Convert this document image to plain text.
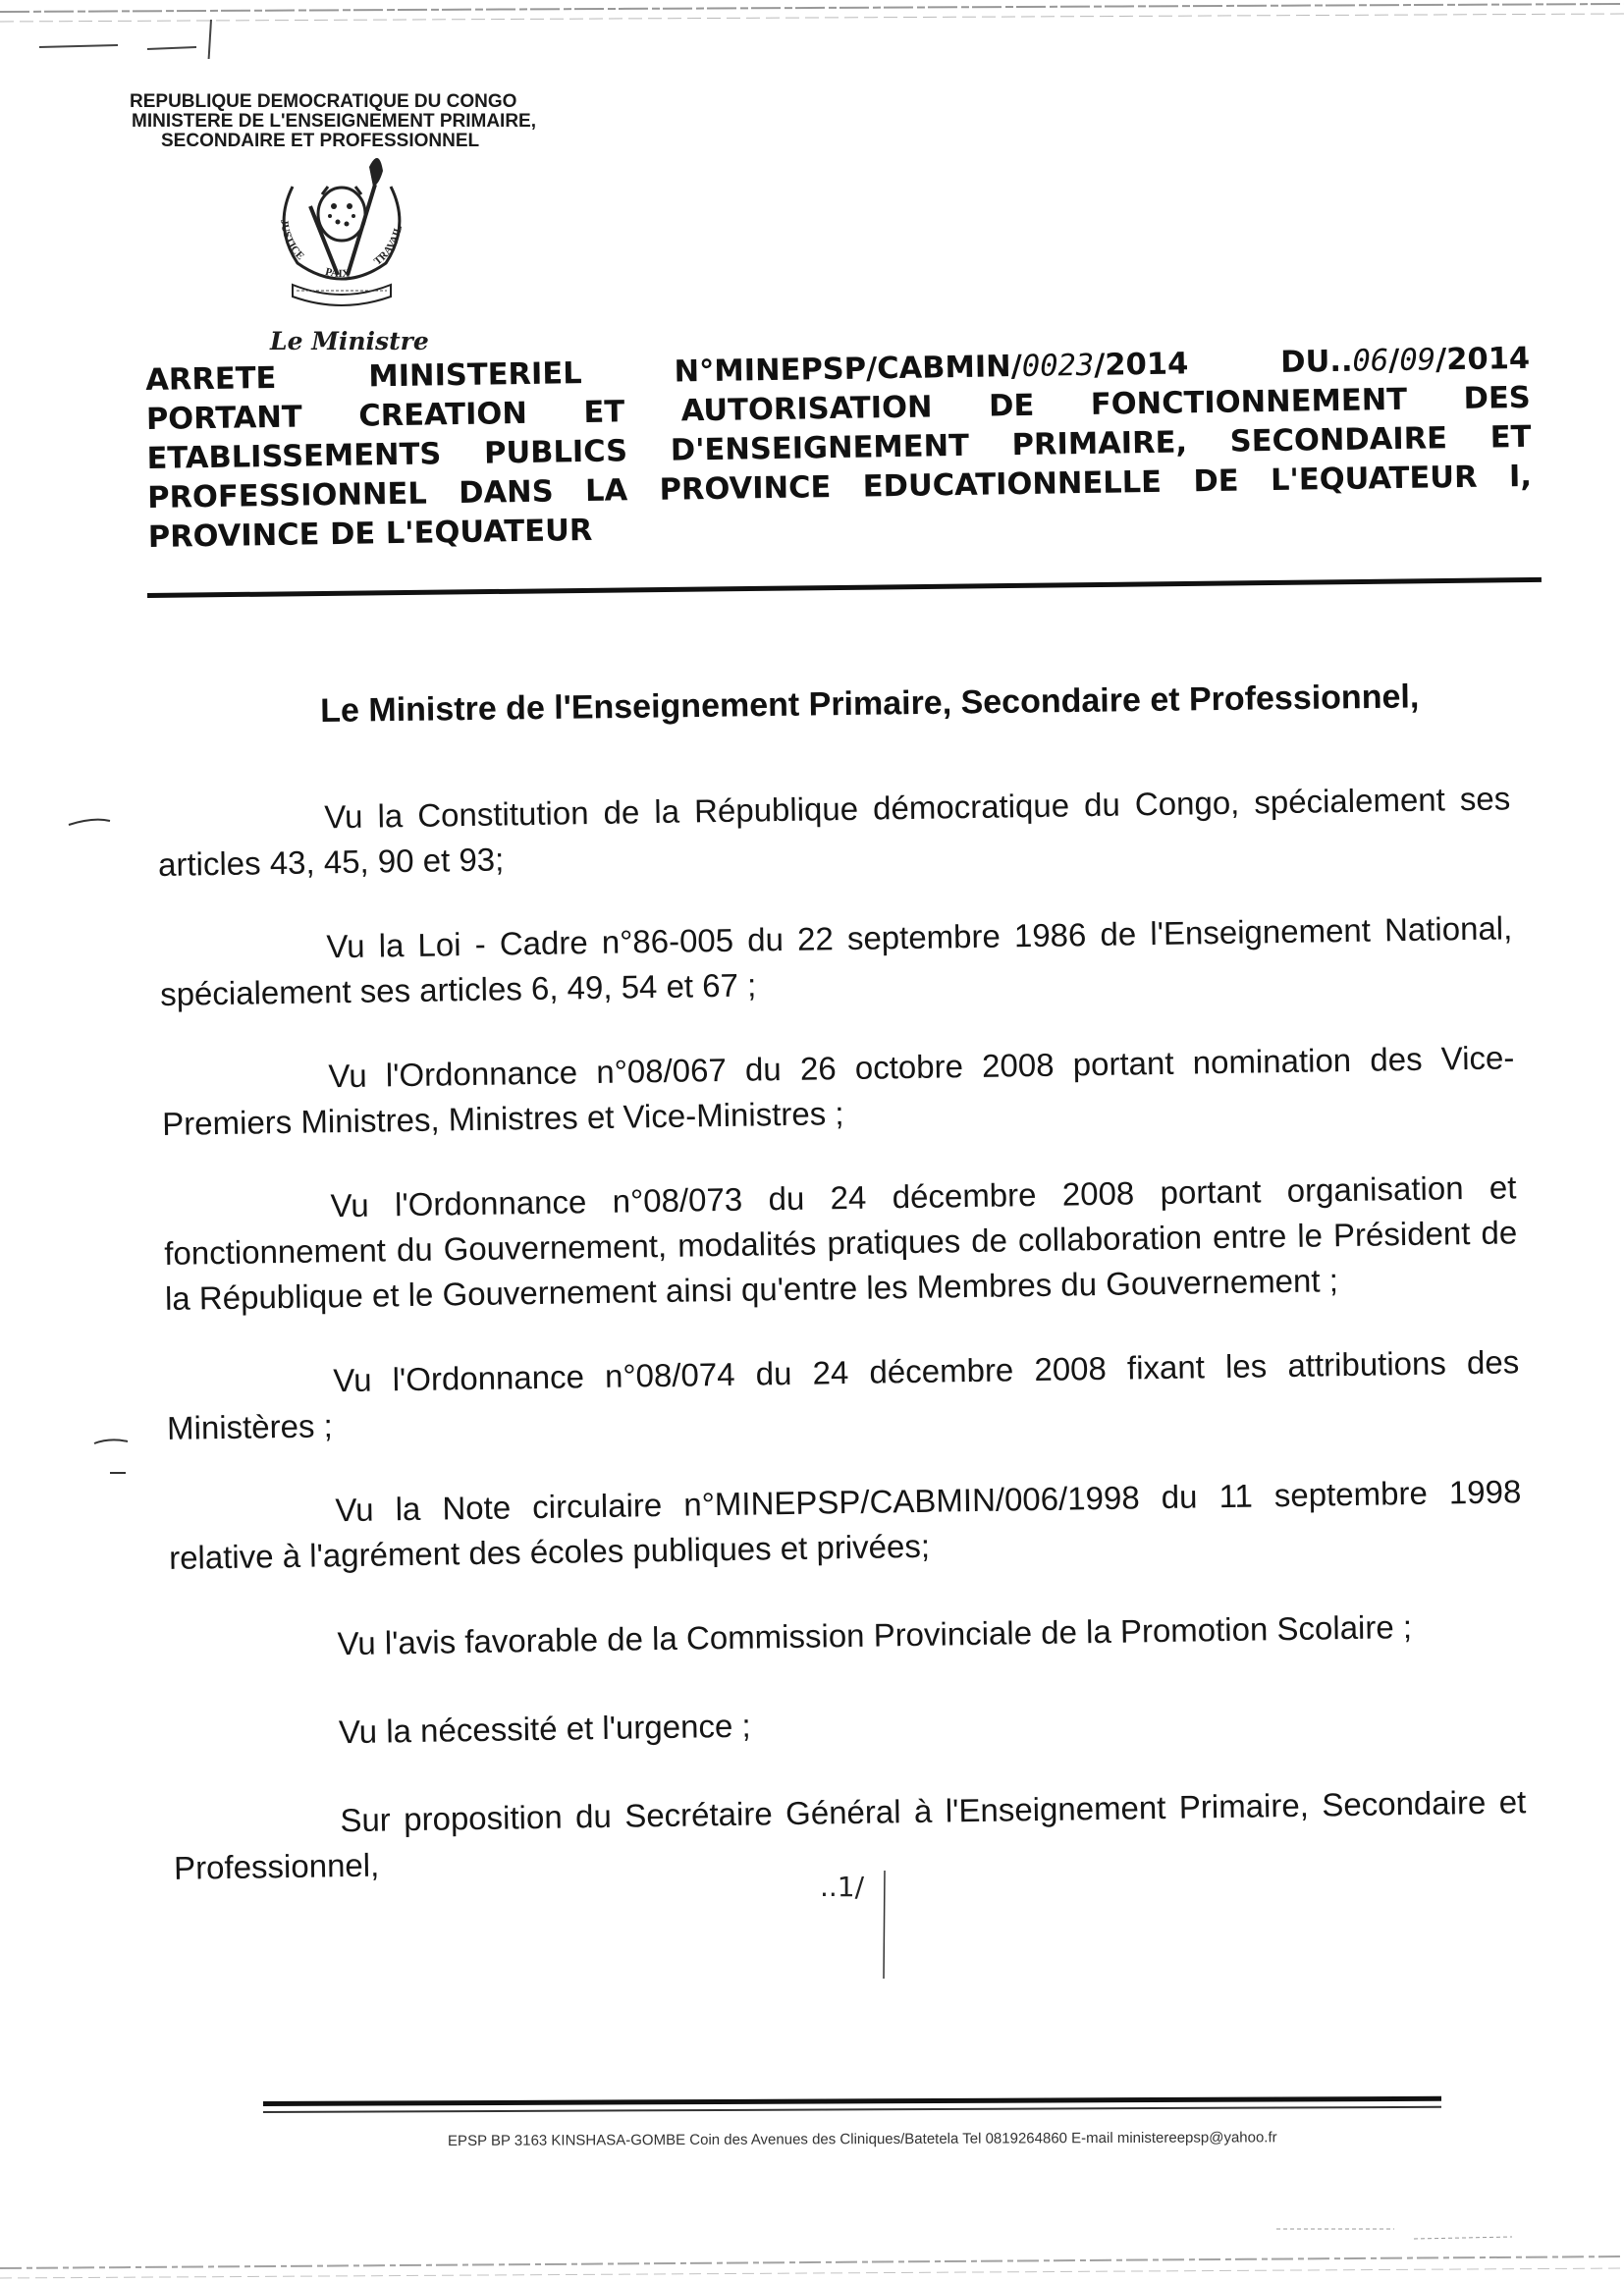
REPUBLIQUE DEMOCRATIQUE DU CONGO
MINISTERE DE L'ENSEIGNEMENT PRIMAIRE,
SECONDAIRE ET PROFESSIONNEL
JUSTICE
PAIX
TRAVAIL
Le Ministre
ARRETE	MINISTERIEL	N°MINEPSP/CABMIN/0023/2014	DU..06/09/2014
PORTANT CREATION ET AUTORISATION DE FONCTIONNEMENT DES
ETABLISSEMENTS PUBLICS D'ENSEIGNEMENT PRIMAIRE, SECONDAIRE ET
PROFESSIONNEL DANS LA PROVINCE EDUCATIONNELLE DE L'EQUATEUR I,
PROVINCE DE L'EQUATEUR
Le Ministre de l'Enseignement Primaire, Secondaire et Professionnel,

Vu la Constitution de la République démocratique du Congo, spécialement ses articles 43, 45, 90 et 93;

Vu la Loi - Cadre n°86-005 du 22 septembre 1986 de l'Enseignement National, spécialement ses articles 6, 49, 54 et 67 ;

Vu l'Ordonnance n°08/067 du 26 octobre 2008 portant nomination des Vice-Premiers Ministres, Ministres et Vice-Ministres ;

Vu l'Ordonnance n°08/073 du 24 décembre 2008 portant organisation et fonctionnement du Gouvernement, modalités pratiques de collaboration entre le Président de la République et le Gouvernement ainsi qu'entre les Membres du Gouvernement ;

Vu l'Ordonnance n°08/074 du 24 décembre 2008 fixant les attributions des Ministères ;

Vu la Note circulaire n°MINEPSP/CABMIN/006/1998 du 11 septembre 1998 relative à l'agrément des écoles publiques et privées;

Vu l'avis favorable de la Commission Provinciale de la Promotion Scolaire ;

Vu la nécessité et l'urgence ;

Sur proposition du Secrétaire Général à l'Enseignement Primaire, Secondaire et Professionnel,

..1/
EPSP BP 3163 KINSHASA-GOMBE Coin des Avenues des Cliniques/Batetela Tel 0819264860 E-mail ministereepsp@yahoo.fr
